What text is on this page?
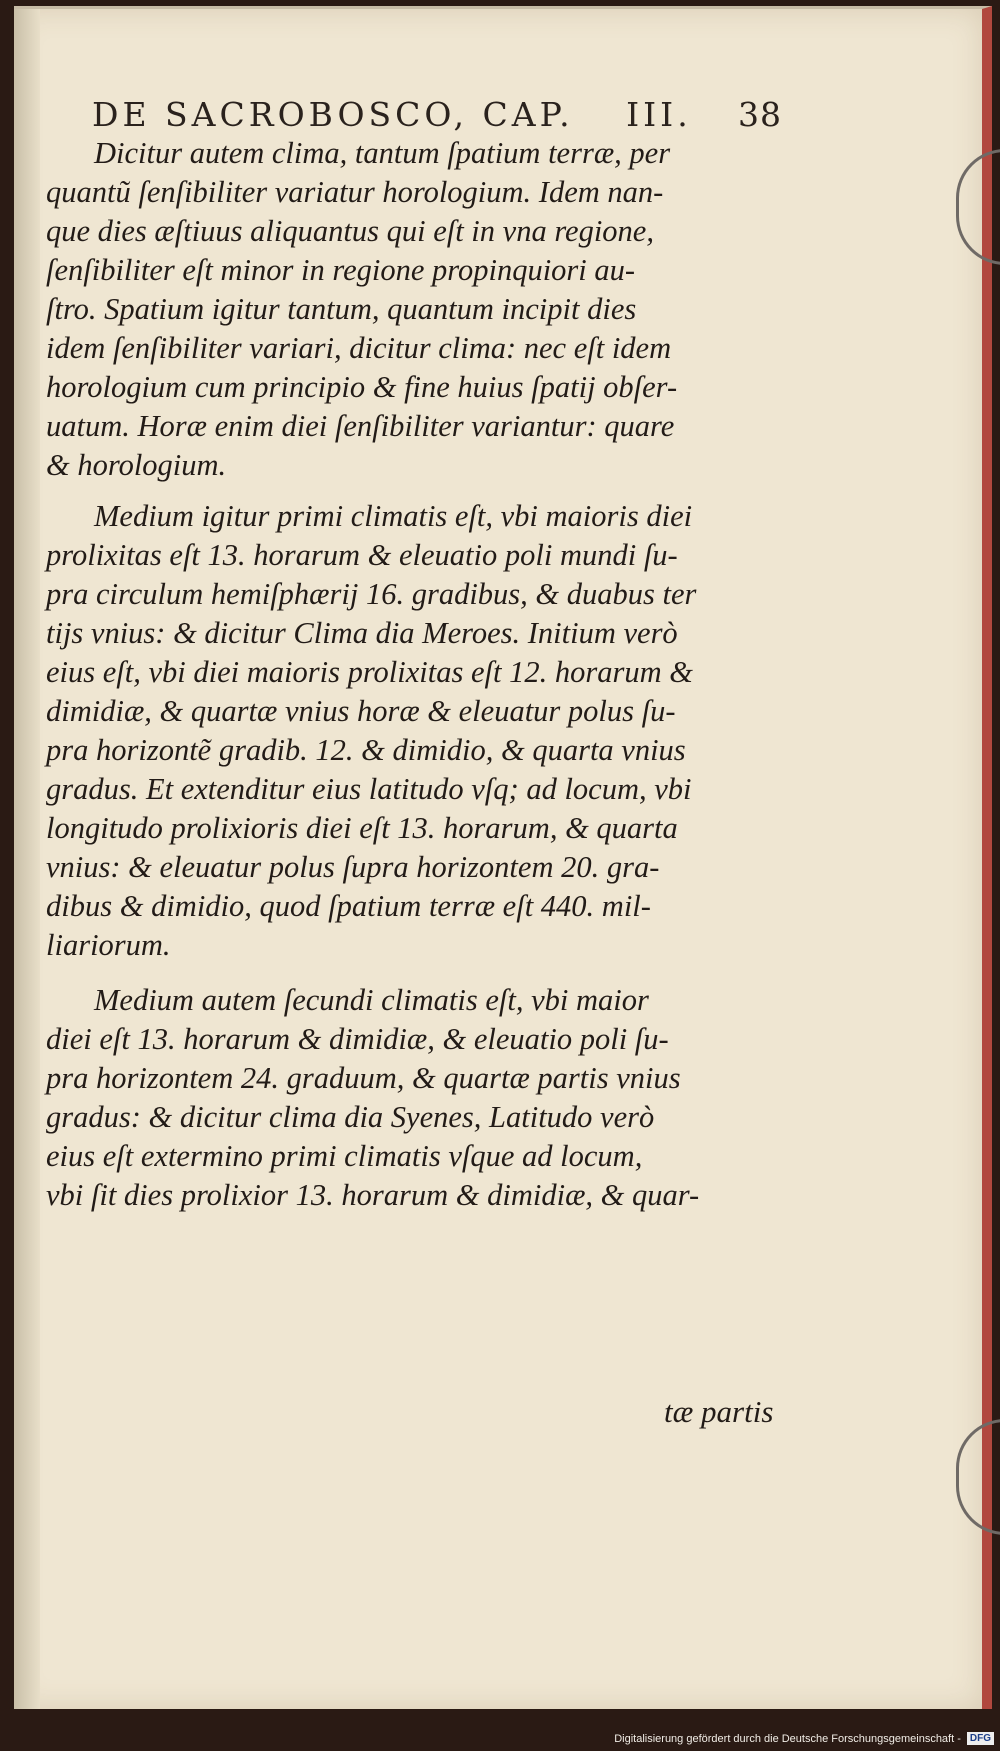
DE SACROBOSCO, CAP. III. 38
Dicitur autem clima, tantum ſpatium terræ, per
quantũ ſenſibiliter variatur horologium. Idem nan-
que dies æſtiuus aliquantus qui eſt in vna regione,
ſenſibiliter eſt minor in regione propinquiori au-
ſtro. Spatium igitur tantum, quantum incipit dies
idem ſenſibiliter variari, dicitur clima: nec eſt idem
horologium cum principio & fine huius ſpatij obſer-
uatum. Horæ enim diei ſenſibiliter variantur: quare
& horologium.
Medium igitur primi climatis eſt, vbi maioris diei
prolixitas eſt 13. horarum & eleuatio poli mundi ſu-
pra circulum hemiſphærij 16. gradibus, & duabus ter
tijs vnius: & dicitur Clima dia Meroes. Initium verò
eius eſt, vbi diei maioris prolixitas eſt 12. horarum &
dimidiæ, & quartæ vnius horæ & eleuatur polus ſu-
pra horizontẽ gradib. 12. & dimidio, & quarta vnius
gradus. Et extenditur eius latitudo vſq; ad locum, vbi
longitudo prolixioris diei eſt 13. horarum, & quarta
vnius: & eleuatur polus ſupra horizontem 20. gra-
dibus & dimidio, quod ſpatium terræ eſt 440. mil-
liariorum.
Medium autem ſecundi climatis eſt, vbi maior
diei eſt 13. horarum & dimidiæ, & eleuatio poli ſu-
pra horizontem 24. graduum, & quartæ partis vnius
gradus: & dicitur clima dia Syenes, Latitudo verò
eius eſt extermino primi climatis vſque ad locum,
vbi ſit dies prolixior 13. horarum & dimidiæ, & quar-
tæ partis
Digitalisierung gefördert durch die Deutsche Forschungsgemeinschaft - DFG
